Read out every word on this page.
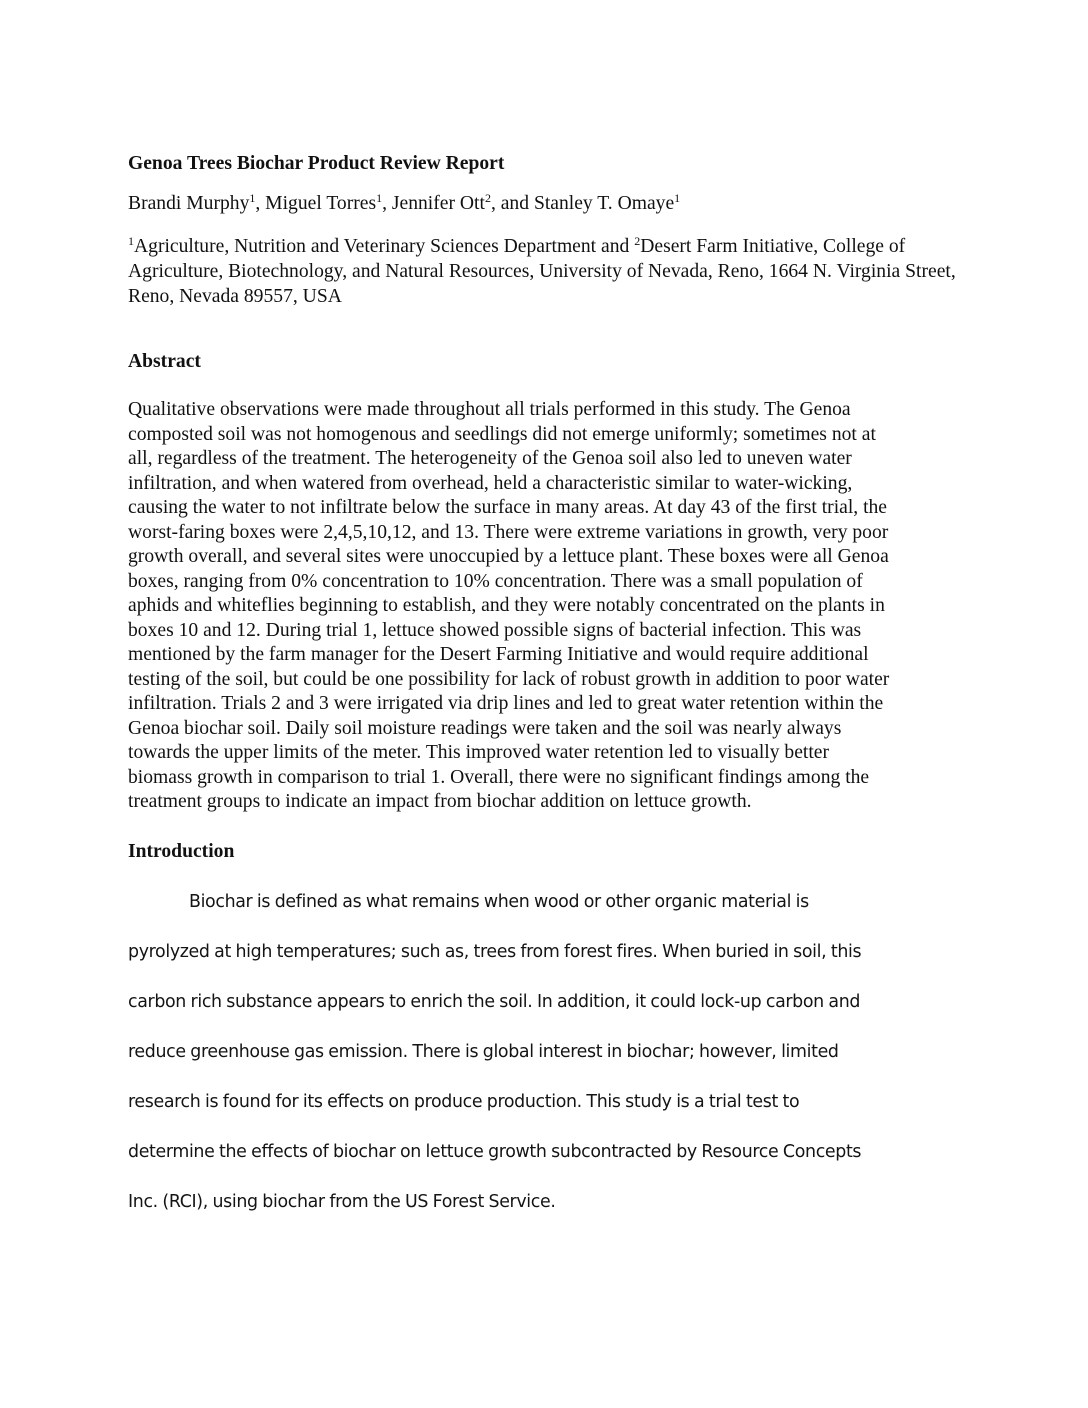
Genoa Trees Biochar Product Review Report

Brandi Murphy$^1$, Miguel Torres$^1$, Jennifer Ott$^2$, and Stanley T. Omaye$^1$

$^1$Agriculture, Nutrition and Veterinary Sciences Department and $^2$Desert Farm Initiative, College of Agriculture, Biotechnology, and Natural Resources, University of Nevada, Reno, 1664 N. Virginia Street, Reno, Nevada 89557, USA

Abstract

Qualitative observations were made throughout all trials performed in this study. The Genoa
composted soil was not homogenous and seedlings did not emerge uniformly; sometimes not at
all, regardless of the treatment. The heterogeneity of the Genoa soil also led to uneven water
infiltration, and when watered from overhead, held a characteristic similar to water-wicking,
causing the water to not infiltrate below the surface in many areas. At day 43 of the first trial, the
worst-faring boxes were 2,4,5,10,12, and 13. There were extreme variations in growth, very poor
growth overall, and several sites were unoccupied by a lettuce plant. These boxes were all Genoa
boxes, ranging from 0% concentration to 10% concentration. There was a small population of
aphids and whiteflies beginning to establish, and they were notably concentrated on the plants in
boxes 10 and 12. During trial 1, lettuce showed possible signs of bacterial infection. This was
mentioned by the farm manager for the Desert Farming Initiative and would require additional
testing of the soil, but could be one possibility for lack of robust growth in addition to poor water
infiltration. Trials 2 and 3 were irrigated via drip lines and led to great water retention within the
Genoa biochar soil. Daily soil moisture readings were taken and the soil was nearly always
towards the upper limits of the meter. This improved water retention led to visually better
biomass growth in comparison to trial 1. Overall, there were no significant findings among the
treatment groups to indicate an impact from biochar addition on lettuce growth.

Introduction

Biochar is defined as what remains when wood or other organic material is
pyrolyzed at high temperatures; such as, trees from forest fires. When buried in soil, this
carbon rich substance appears to enrich the soil. In addition, it could lock-up carbon and
reduce greenhouse gas emission. There is global interest in biochar; however, limited
research is found for its effects on produce production. This study is a trial test to
determine the effects of biochar on lettuce growth subcontracted by Resource Concepts
Inc. (RCI), using biochar from the US Forest Service.
